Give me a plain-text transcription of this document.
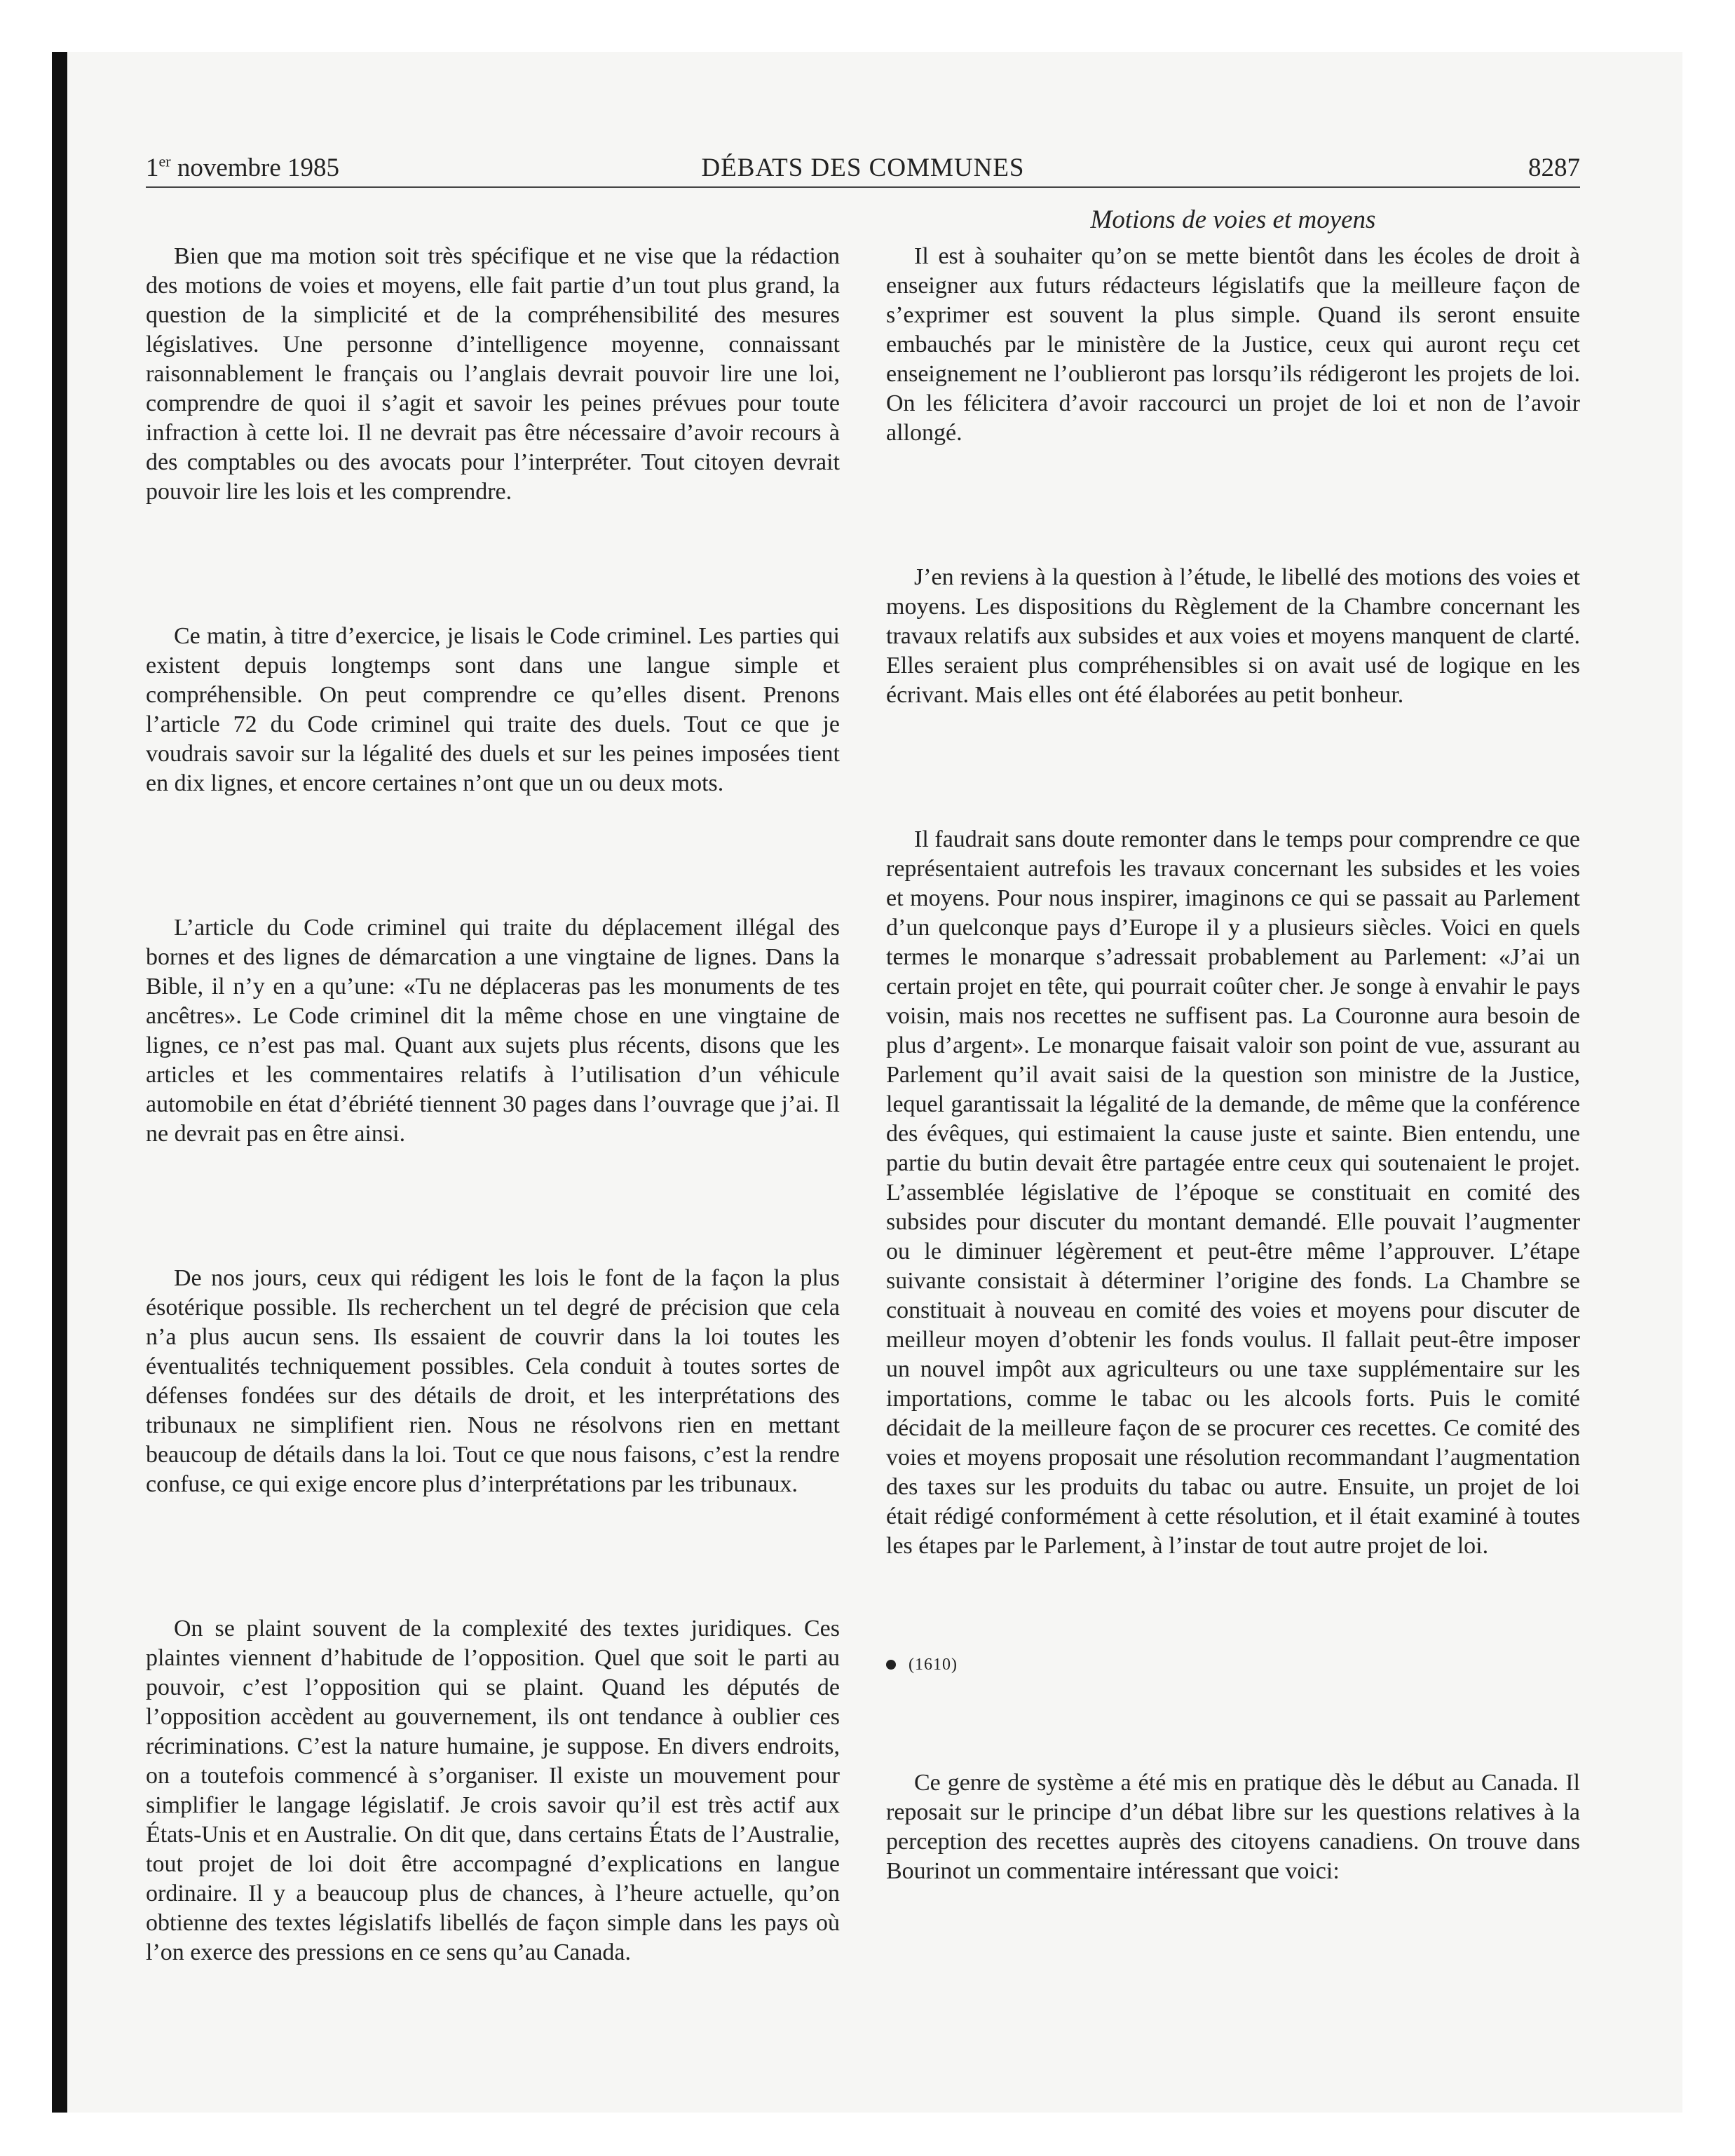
1er novembre 1985	DÉBATS DES COMMUNES	8287
Motions de voies et moyens

Bien que ma motion soit très spécifique et ne vise que la rédaction des motions de voies et moyens, elle fait partie d’un tout plus grand, la question de la simplicité et de la compréhensibilité des mesures législatives. Une personne d’intelligence moyenne, connaissant raisonnablement le français ou l’anglais devrait pouvoir lire une loi, comprendre de quoi il s’agit et savoir les peines prévues pour toute infraction à cette loi. Il ne devrait pas être nécessaire d’avoir recours à des comptables ou des avocats pour l’interpréter. Tout citoyen devrait pouvoir lire les lois et les comprendre.

Ce matin, à titre d’exercice, je lisais le Code criminel. Les parties qui existent depuis longtemps sont dans une langue simple et compréhensible. On peut comprendre ce qu’elles disent. Prenons l’article 72 du Code criminel qui traite des duels. Tout ce que je voudrais savoir sur la légalité des duels et sur les peines imposées tient en dix lignes, et encore certaines n’ont que un ou deux mots.

L’article du Code criminel qui traite du déplacement illégal des bornes et des lignes de démarcation a une vingtaine de lignes. Dans la Bible, il n’y en a qu’une: «Tu ne déplaceras pas les monuments de tes ancêtres». Le Code criminel dit la même chose en une vingtaine de lignes, ce n’est pas mal. Quant aux sujets plus récents, disons que les articles et les commentaires relatifs à l’utilisation d’un véhicule automobile en état d’ébriété tiennent 30 pages dans l’ouvrage que j’ai. Il ne devrait pas en être ainsi.

De nos jours, ceux qui rédigent les lois le font de la façon la plus ésotérique possible. Ils recherchent un tel degré de précision que cela n’a plus aucun sens. Ils essaient de couvrir dans la loi toutes les éventualités techniquement possibles. Cela conduit à toutes sortes de défenses fondées sur des détails de droit, et les interprétations des tribunaux ne simplifient rien. Nous ne résolvons rien en mettant beaucoup de détails dans la loi. Tout ce que nous faisons, c’est la rendre confuse, ce qui exige encore plus d’interprétations par les tribunaux.

On se plaint souvent de la complexité des textes juridiques. Ces plaintes viennent d’habitude de l’opposition. Quel que soit le parti au pouvoir, c’est l’opposition qui se plaint. Quand les députés de l’opposition accèdent au gouvernement, ils ont tendance à oublier ces récriminations. C’est la nature humaine, je suppose. En divers endroits, on a toutefois commencé à s’organiser. Il existe un mouvement pour simplifier le langage législatif. Je crois savoir qu’il est très actif aux États-Unis et en Australie. On dit que, dans certains États de l’Australie, tout projet de loi doit être accompagné d’explications en langue ordinaire. Il y a beaucoup plus de chances, à l’heure actuelle, qu’on obtienne des textes législatifs libellés de façon simple dans les pays où l’on exerce des pressions en ce sens qu’au Canada.

Il est à souhaiter qu’on se mette bientôt dans les écoles de droit à enseigner aux futurs rédacteurs législatifs que la meilleure façon de s’exprimer est souvent la plus simple. Quand ils seront ensuite embauchés par le ministère de la Justice, ceux qui auront reçu cet enseignement ne l’oublieront pas lorsqu’ils rédigeront les projets de loi. On les félicitera d’avoir raccourci un projet de loi et non de l’avoir allongé.

J’en reviens à la question à l’étude, le libellé des motions des voies et moyens. Les dispositions du Règlement de la Chambre concernant les travaux relatifs aux subsides et aux voies et moyens manquent de clarté. Elles seraient plus compréhensibles si on avait usé de logique en les écrivant. Mais elles ont été élaborées au petit bonheur.

Il faudrait sans doute remonter dans le temps pour comprendre ce que représentaient autrefois les travaux concernant les subsides et les voies et moyens. Pour nous inspirer, imaginons ce qui se passait au Parlement d’un quelconque pays d’Europe il y a plusieurs siècles. Voici en quels termes le monarque s’adressait probablement au Parlement: «J’ai un certain projet en tête, qui pourrait coûter cher. Je songe à envahir le pays voisin, mais nos recettes ne suffisent pas. La Couronne aura besoin de plus d’argent». Le monarque faisait valoir son point de vue, assurant au Parlement qu’il avait saisi de la question son ministre de la Justice, lequel garantissait la légalité de la demande, de même que la conférence des évêques, qui estimaient la cause juste et sainte. Bien entendu, une partie du butin devait être partagée entre ceux qui soutenaient le projet. L’assemblée législative de l’époque se constituait en comité des subsides pour discuter du montant demandé. Elle pouvait l’augmenter ou le diminuer légèrement et peut-être même l’approuver. L’étape suivante consistait à déterminer l’origine des fonds. La Chambre se constituait à nouveau en comité des voies et moyens pour discuter de meilleur moyen d’obtenir les fonds voulus. Il fallait peut-être imposer un nouvel impôt aux agriculteurs ou une taxe supplémentaire sur les importations, comme le tabac ou les alcools forts. Puis le comité décidait de la meilleure façon de se procurer ces recettes. Ce comité des voies et moyens proposait une résolution recommandant l’augmentation des taxes sur les produits du tabac ou autre. Ensuite, un projet de loi était rédigé conformément à cette résolution, et il était examiné à toutes les étapes par le Parlement, à l’instar de tout autre projet de loi.

(1610)

Ce genre de système a été mis en pratique dès le début au Canada. Il reposait sur le principe d’un débat libre sur les questions relatives à la perception des recettes auprès des citoyens canadiens. On trouve dans Bourinot un commentaire intéressant que voici:
